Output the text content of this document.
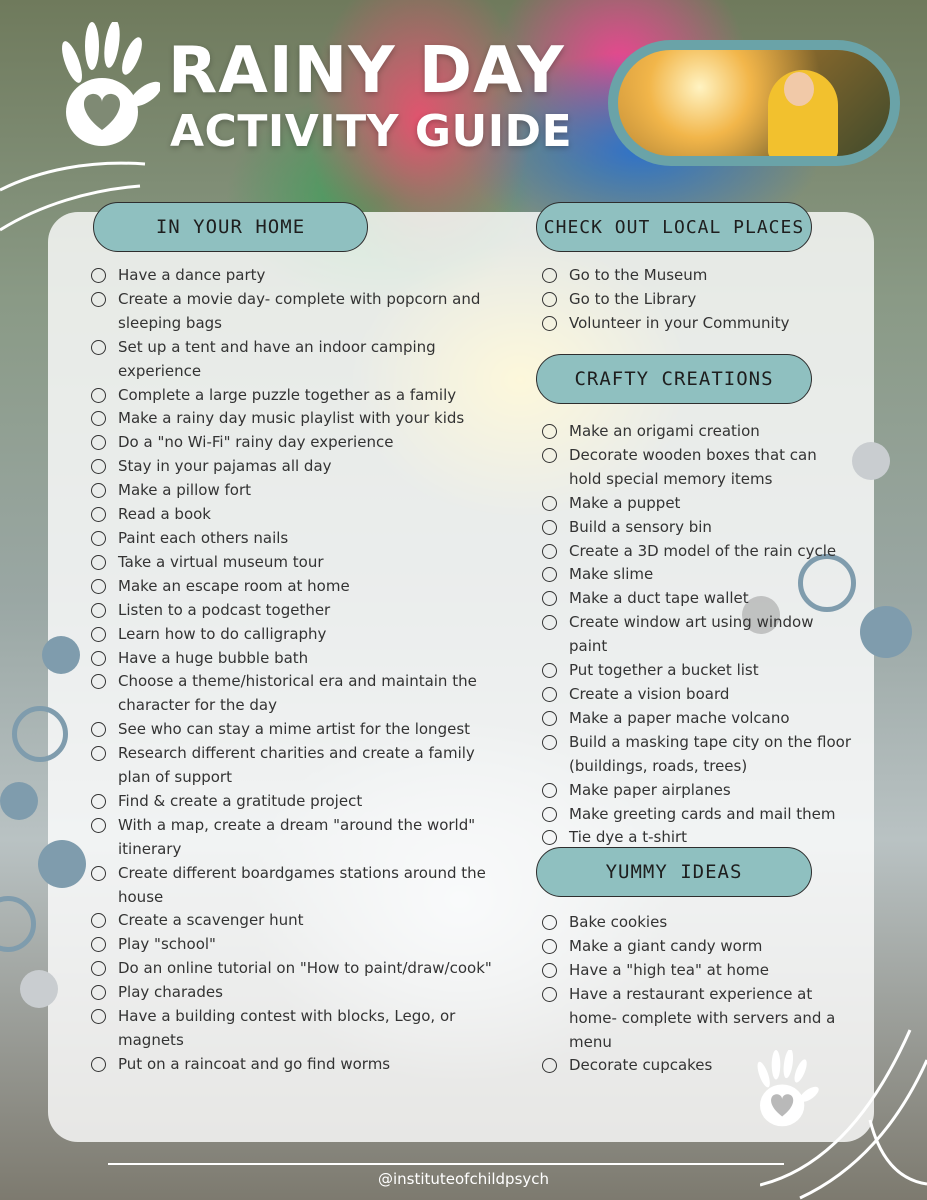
RAINY DAY
ACTIVITY GUIDE
IN YOUR HOME	CHECK OUT LOCAL PLACES
CRAFTY CREATIONS
YUMMY IDEAS
Have a dance party
Create a movie day- complete with popcorn and sleeping bags
Set up a tent and have an indoor camping experience
Complete a large puzzle together as a family
Make a rainy day music playlist with your kids
Do a "no Wi-Fi" rainy day experience
Stay in your pajamas all day
Make a pillow fort
Read a book
Paint each others nails
Take a virtual museum tour
Make an escape room at home
Listen to a podcast together
Learn how to do calligraphy
Have a huge bubble bath
Choose a theme/historical era and maintain the character for the day
See who can stay a mime artist for the longest
Research different charities and create a family plan of support
Find & create a gratitude project
With a map, create a dream "around the world" itinerary
Create different boardgames stations around the house
Create a scavenger hunt
Play "school"
Do an online tutorial on "How to paint/draw/cook"
Play charades
Have a building contest with blocks, Lego, or magnets
Put on a raincoat and go find worms
Go to the Museum
Go to the Library
Volunteer in your Community
Make an origami creation
Decorate wooden boxes that can hold special memory items
Make a puppet
Build a sensory bin
Create a 3D model of the rain cycle
Make slime
Make a duct tape wallet
Create window art using window paint
Put together a bucket list
Create a vision board
Make a paper mache volcano
Build a masking tape city on the floor (buildings, roads, trees)
Make paper airplanes
Make greeting cards and mail them
Tie dye a t-shirt
Bake cookies
Make a giant candy worm
Have a "high tea" at home
Have a restaurant experience at home- complete with servers and a menu
Decorate cupcakes
@instituteofchildpsych
